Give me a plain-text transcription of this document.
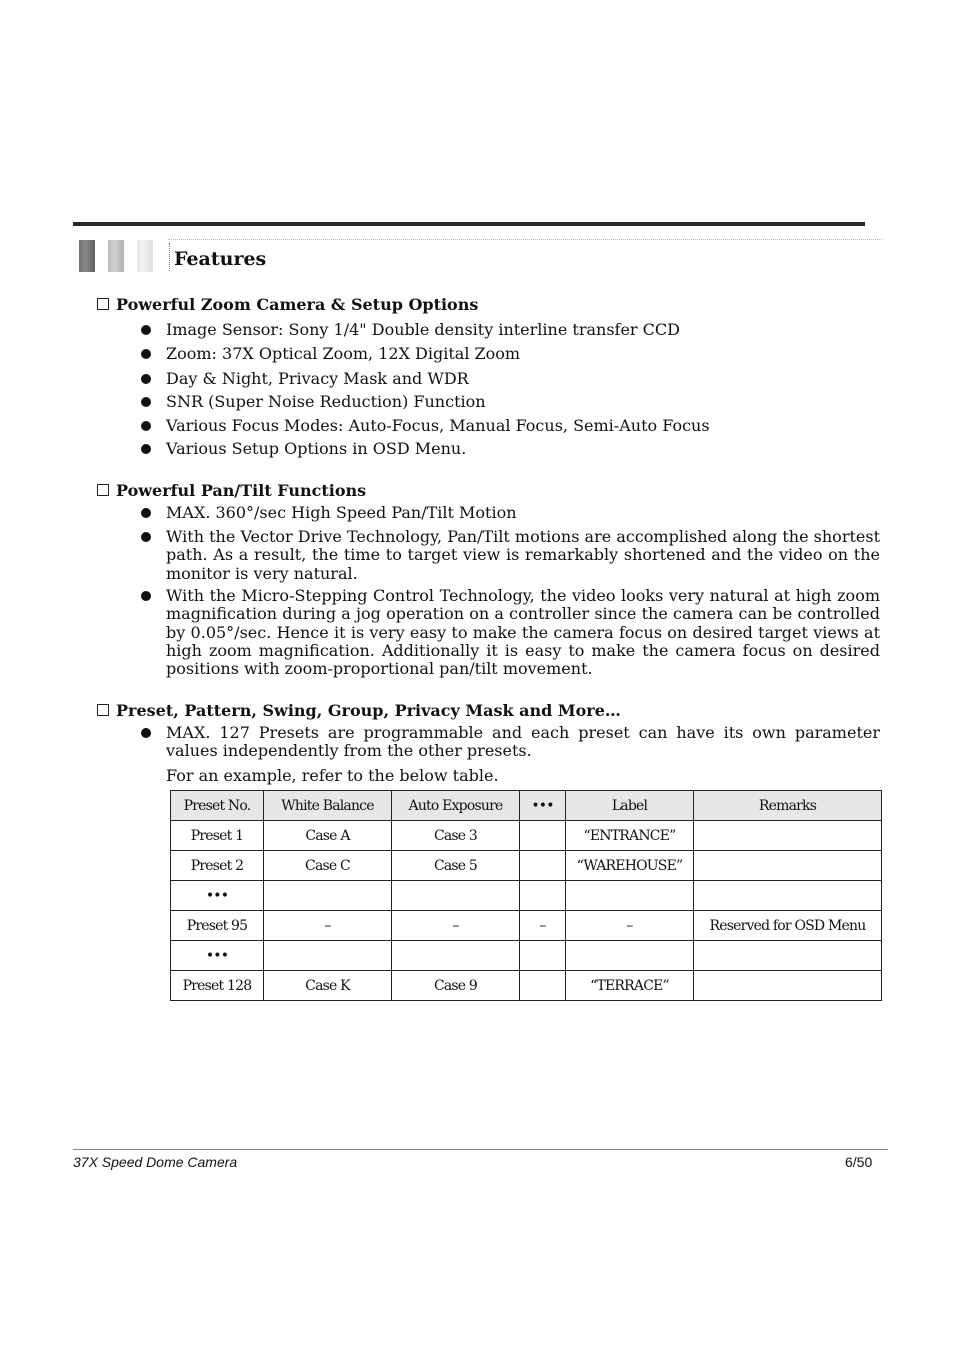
Features
Powerful Zoom Camera & Setup Options
Image Sensor: Sony 1/4" Double density interline transfer CCD
Zoom: 37X Optical Zoom, 12X Digital Zoom
Day & Night, Privacy Mask and WDR
SNR (Super Noise Reduction) Function
Various Focus Modes: Auto-Focus, Manual Focus, Semi-Auto Focus
Various Setup Options in OSD Menu.
Powerful Pan/Tilt Functions
MAX. 360°/sec High Speed Pan/Tilt Motion
With the Vector Drive Technology, Pan/Tilt motions are accomplished along the shortest path. As a result, the time to target view is remarkably shortened and the video on the monitor is very natural.
With the Micro-Stepping Control Technology, the video looks very natural at high zoom magnification during a jog operation on a controller since the camera can be controlled by 0.05°/sec. Hence it is very easy to make the camera focus on desired target views at high zoom magnification. Additionally it is easy to make the camera focus on desired positions with zoom-proportional pan/tilt movement.
Preset, Pattern, Swing, Group, Privacy Mask and More…
MAX. 127 Presets are programmable and each preset can have its own parameter values independently from the other presets.
For an example, refer to the below table.
Preset No.	White Balance	Auto Exposure	•••	Label	Remarks
Preset 1	Case A	Case 3		“ENTRANCE”	
Preset 2	Case C	Case 5		“WAREHOUSE”	
•••					
Preset 95	–	–	–	–	Reserved for OSD Menu
•••					
Preset 128	Case K	Case 9		“TERRACE”	
37X Speed Dome Camera	6/50
